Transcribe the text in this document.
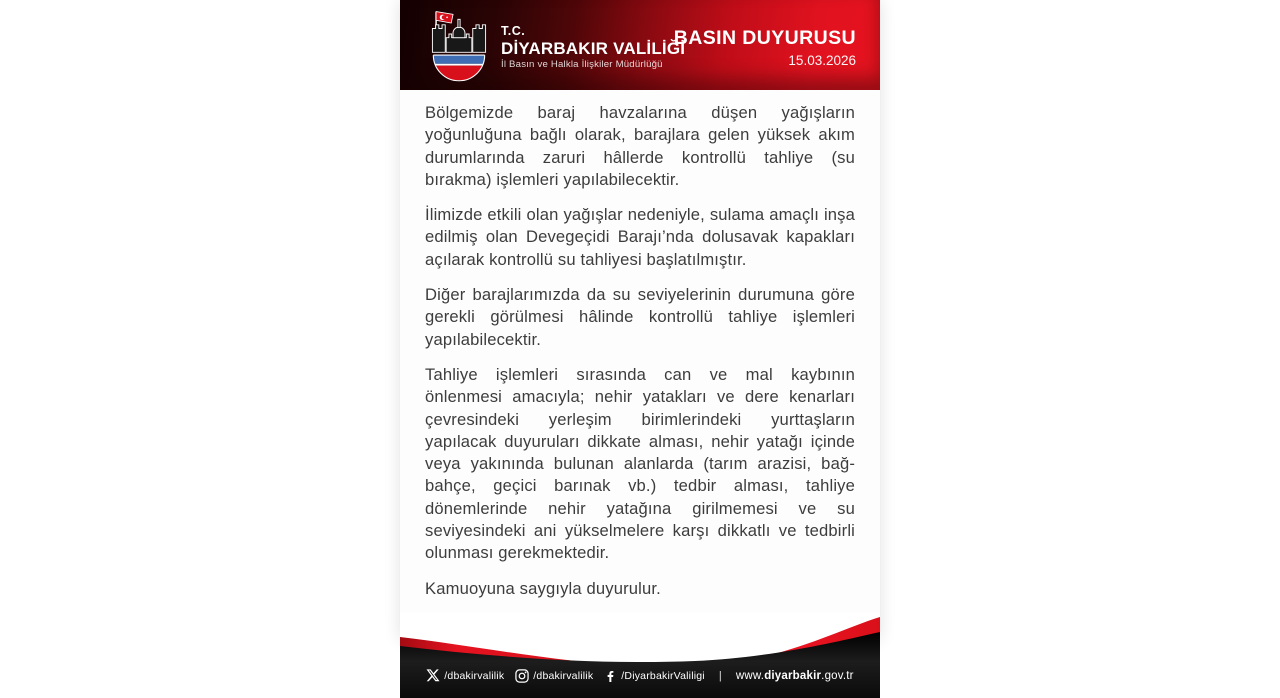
T.C.
DİYARBAKIR VALİLİĞİ
İl Basın ve Halkla İlişkiler Müdürlüğü
BASIN DUYURUSU
15.03.2026

Bölgemizde baraj havzalarına düşen yağışların yoğunluğuna bağlı olarak, barajlara gelen yüksek akım durumlarında zaruri hâllerde kontrollü tahliye (su bırakma) işlemleri yapılabilecektir.

İlimizde etkili olan yağışlar nedeniyle, sulama amaçlı inşa edilmiş olan Devegeçidi Barajı’nda dolusavak kapakları açılarak kontrollü su tahliyesi başlatılmıştır.

Diğer barajlarımızda da su seviyelerinin durumuna göre gerekli görülmesi hâlinde kontrollü tahliye işlemleri yapılabilecektir.

Tahliye işlemleri sırasında can ve mal kaybının önlenmesi amacıyla; nehir yatakları ve dere kenarları çevresindeki yerleşim birimlerindeki yurttaşların yapılacak duyuruları dikkate alması, nehir yatağı içinde veya yakınında bulunan alanlarda (tarım arazisi, bağ-bahçe, geçici barınak vb.) tedbir alması, tahliye dönemlerinde nehir yatağına girilmemesi ve su seviyesindeki ani yükselmelere karşı dikkatlı ve tedbirli olunması gerekmektedir.

Kamuoyuna saygıyla duyurulur.

/dbakirvalilik	/dbakirvalilik	/DiyarbakirValiligi | www.diyarbakir.gov.tr
